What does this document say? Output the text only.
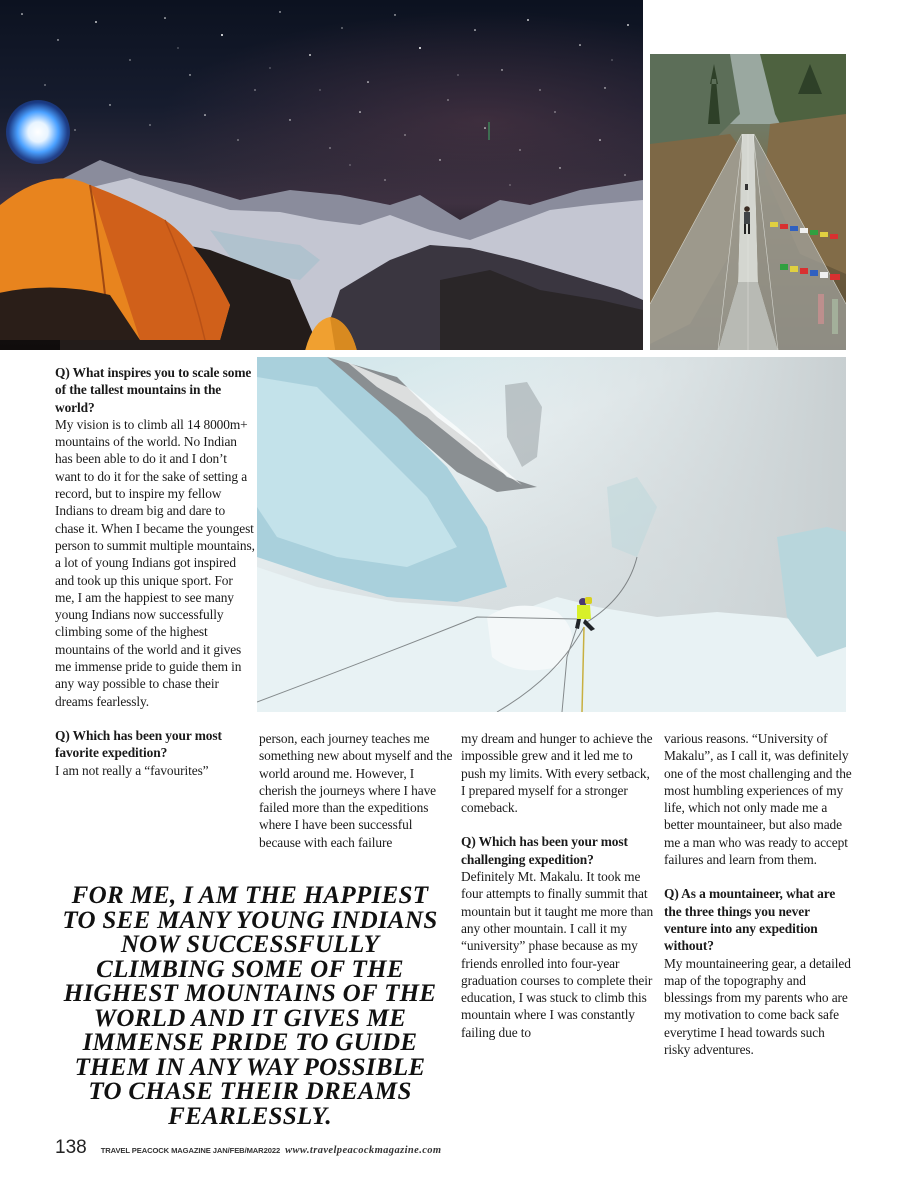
Q) What inspires you to scale some of the tallest mountains in the world?

My vision is to climb all 14 8000m+ mountains of the world. No Indian has been able to do it and I don’t want to do it for the sake of setting a record, but to inspire my fellow Indians to dream big and dare to chase it. When I became the youngest person to summit multiple mountains, a lot of young Indians got inspired and took up this unique sport. For me, I am the happiest to see many young Indians now successfully climbing some of the highest mountains of the world and it gives me immense pride to guide them in any way possible to chase their dreams fearlessly.

Q) Which has been your most favorite expedition?

I am not really a “favourites”

person, each journey teaches me something new about myself and the world around me. However, I cherish the journeys where I have failed more than the expeditions where I have been successful because with each failure

my dream and hunger to achieve the impossible grew and it led me to push my limits. With every setback, I prepared myself for a stronger comeback.

Q) Which has been your most challenging expedition?

Definitely Mt. Makalu. It took me four attempts to finally summit that mountain but it taught me more than any other mountain. I call it my “university” phase because as my friends enrolled into four-year graduation courses to complete their education, I was stuck to climb this mountain where I was constantly failing due to

various reasons. “University of Makalu”, as I call it, was definitely one of the most challenging and the most humbling experiences of my life, which not only made me a better mountaineer, but also made me a man who was ready to accept failures and learn from them.

Q) As a mountaineer, what are the three things you never venture into any expedition without?

My mountaineering gear, a detailed map of the topography and blessings from my parents who are my motivation to come back safe everytime I head towards such risky adventures.

FOR ME, I AM THE HAPPIEST TO SEE MANY YOUNG INDIANS NOW SUCCESSFULLY CLIMBING SOME OF THE HIGHEST MOUNTAINS OF THE WORLD AND IT GIVES ME IMMENSE PRIDE TO GUIDE THEM IN ANY WAY POSSIBLE TO CHASE THEIR DREAMS FEARLESSLY.
138 TRAVEL PEACOCK MAGAZINE JAN/FEB/MAR2022 www.travelpeacockmagazine.com
